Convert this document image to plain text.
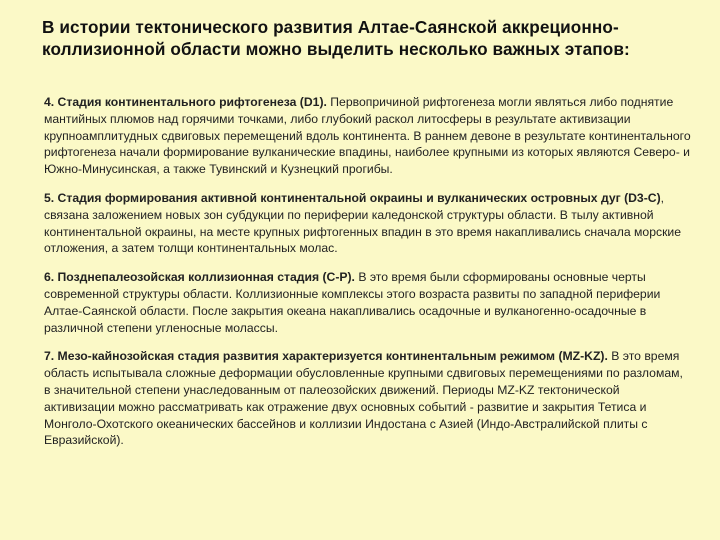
В истории тектонического развития Алтае-Саянской аккреционно-коллизионной области можно выделить несколько важных этапов:

4. Стадия континентального рифтогенеза (D1). Первопричиной рифтогенеза могли являться либо поднятие мантийных плюмов над горячими точками, либо глубокий раскол литосферы в результате активизации крупноамплитудных сдвиговых перемещений вдоль континента. В раннем девоне в результате континентального рифтогенеза начали формирование вулканические впадины, наиболее крупными из которых являются Северо- и Южно-Минусинская, а также Тувинский и Кузнецкий прогибы.

5. Стадия формирования активной континентальной окраины и вулканических островных дуг (D3-C), связана заложением новых зон субдукции по периферии каледонской структуры области. В тылу активной континентальной окраины, на месте крупных рифтогенных впадин в это время накапливались сначала морские отложения, а затем толщи континентальных молас.

6. Позднепалеозойская коллизионная стадия (C-P). В это время были сформированы основные черты современной структуры области. Коллизионные комплексы этого возраста развиты по западной периферии Алтае-Саянской области. После закрытия океана накапливались осадочные и вулканогенно-осадочные в различной степени угленосные молассы.

7. Мезо-кайнозойская стадия развития характеризуется континентальным режимом (MZ-KZ). В это время область испытывала сложные деформации обусловленные крупными сдвиговых перемещениями по разломам, в значительной степени унаследованным от палеозойских движений. Периоды MZ-KZ тектонической активизации можно рассматривать как отражение двух основных событий - развитие и закрытия Тетиса и Монголо-Охотского океанических бассейнов и коллизии Индостана с Азией (Индо-Австралийской плиты с Евразийской).
